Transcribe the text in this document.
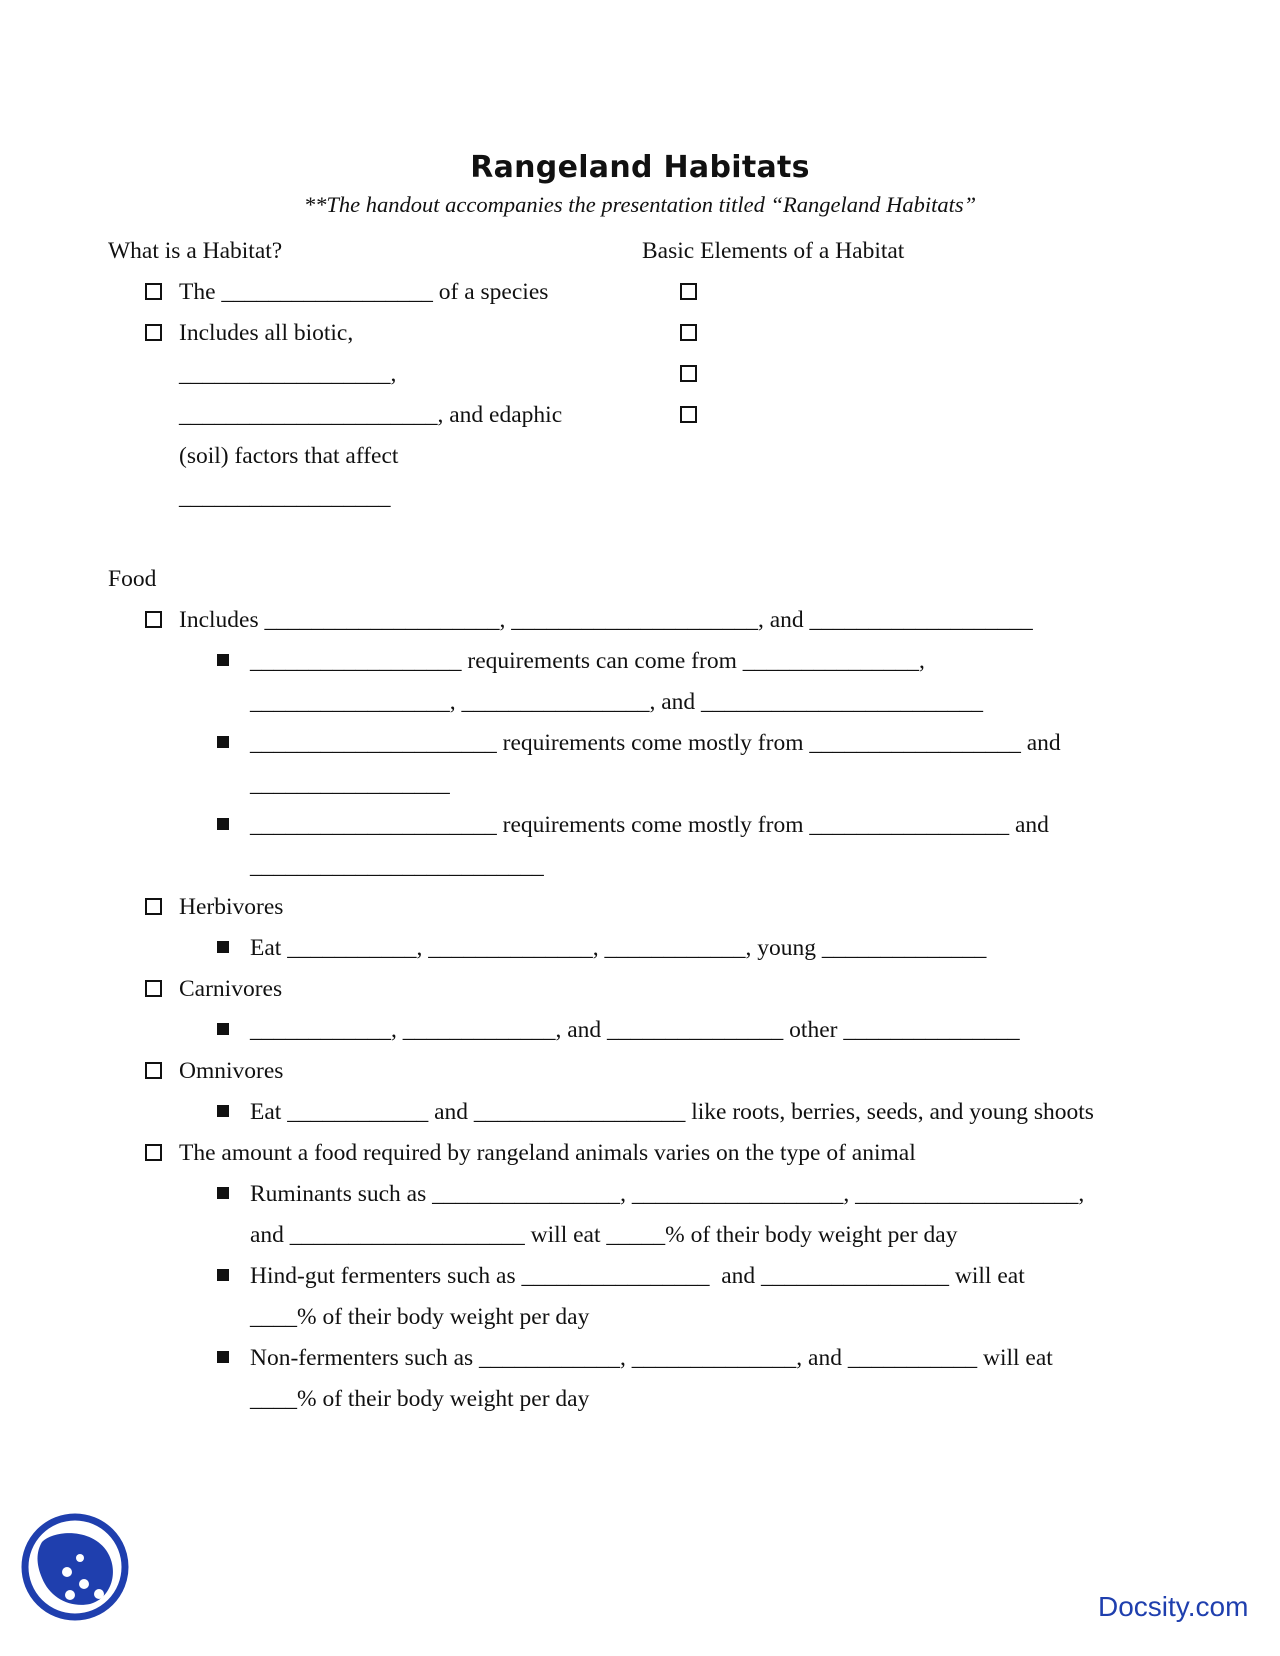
Rangeland Habitats
**The handout accompanies the presentation titled “Rangeland Habitats”
What is a Habitat?
The __________________ of a species
Includes all biotic,
__________________,
______________________, and edaphic
(soil) factors that affect
__________________
Basic Elements of a Habitat
Food
Includes ____________________, _____________________, and ___________________
__________________ requirements can come from _______________,
_________________, ________________, and ________________________
_____________________ requirements come mostly from __________________ and
_________________
_____________________ requirements come mostly from _________________ and
_________________________
Herbivores
Eat ___________, ______________, ____________, young ______________
Carnivores
____________, _____________, and _______________ other _______________
Omnivores
Eat ____________ and __________________ like roots, berries, seeds, and young shoots
The amount a food required by rangeland animals varies on the type of animal
Ruminants such as ________________, __________________, ___________________,
and ____________________ will eat _____% of their body weight per day
Hind-gut fermenters such as ________________  and ________________ will eat
____% of their body weight per day
Non-fermenters such as ____________, ______________, and ___________ will eat
____% of their body weight per day
Docsity.com
